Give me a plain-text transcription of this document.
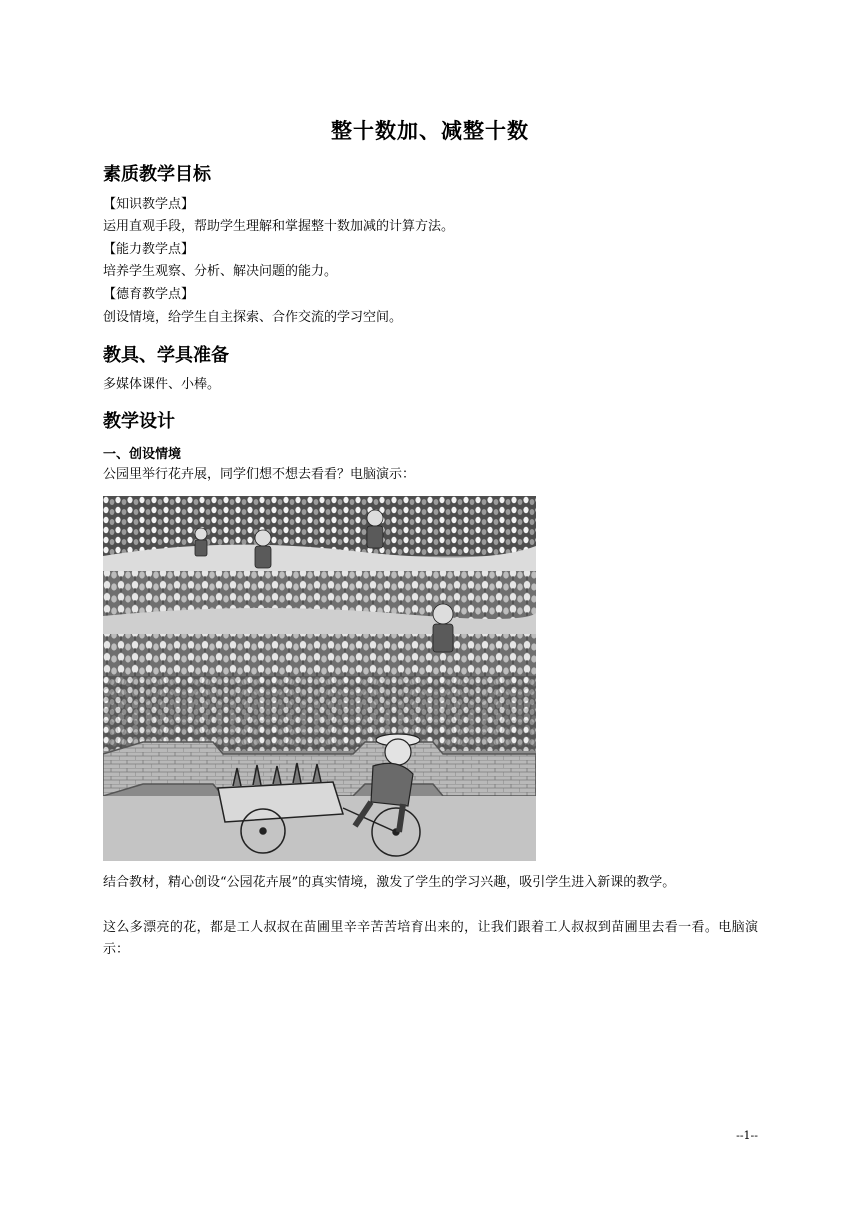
整十数加、减整十数
素质教学目标
【知识教学点】
运用直观手段，帮助学生理解和掌握整十数加减的计算方法。
【能力教学点】
培养学生观察、分析、解决问题的能力。
【德育教学点】
创设情境，给学生自主探索、合作交流的学习空间。
教具、学具准备
多媒体课件、小棒。
教学设计
一、创设情境
公园里举行花卉展，同学们想不想去看看？电脑演示：
结合教材，精心创设“公园花卉展”的真实情境，激发了学生的学习兴趣，吸引学生进入新课的教学。
这么多漂亮的花，都是工人叔叔在苗圃里辛辛苦苦培育出来的，让我们跟着工人叔叔到苗圃里去看一看。电脑演示：
--1--
